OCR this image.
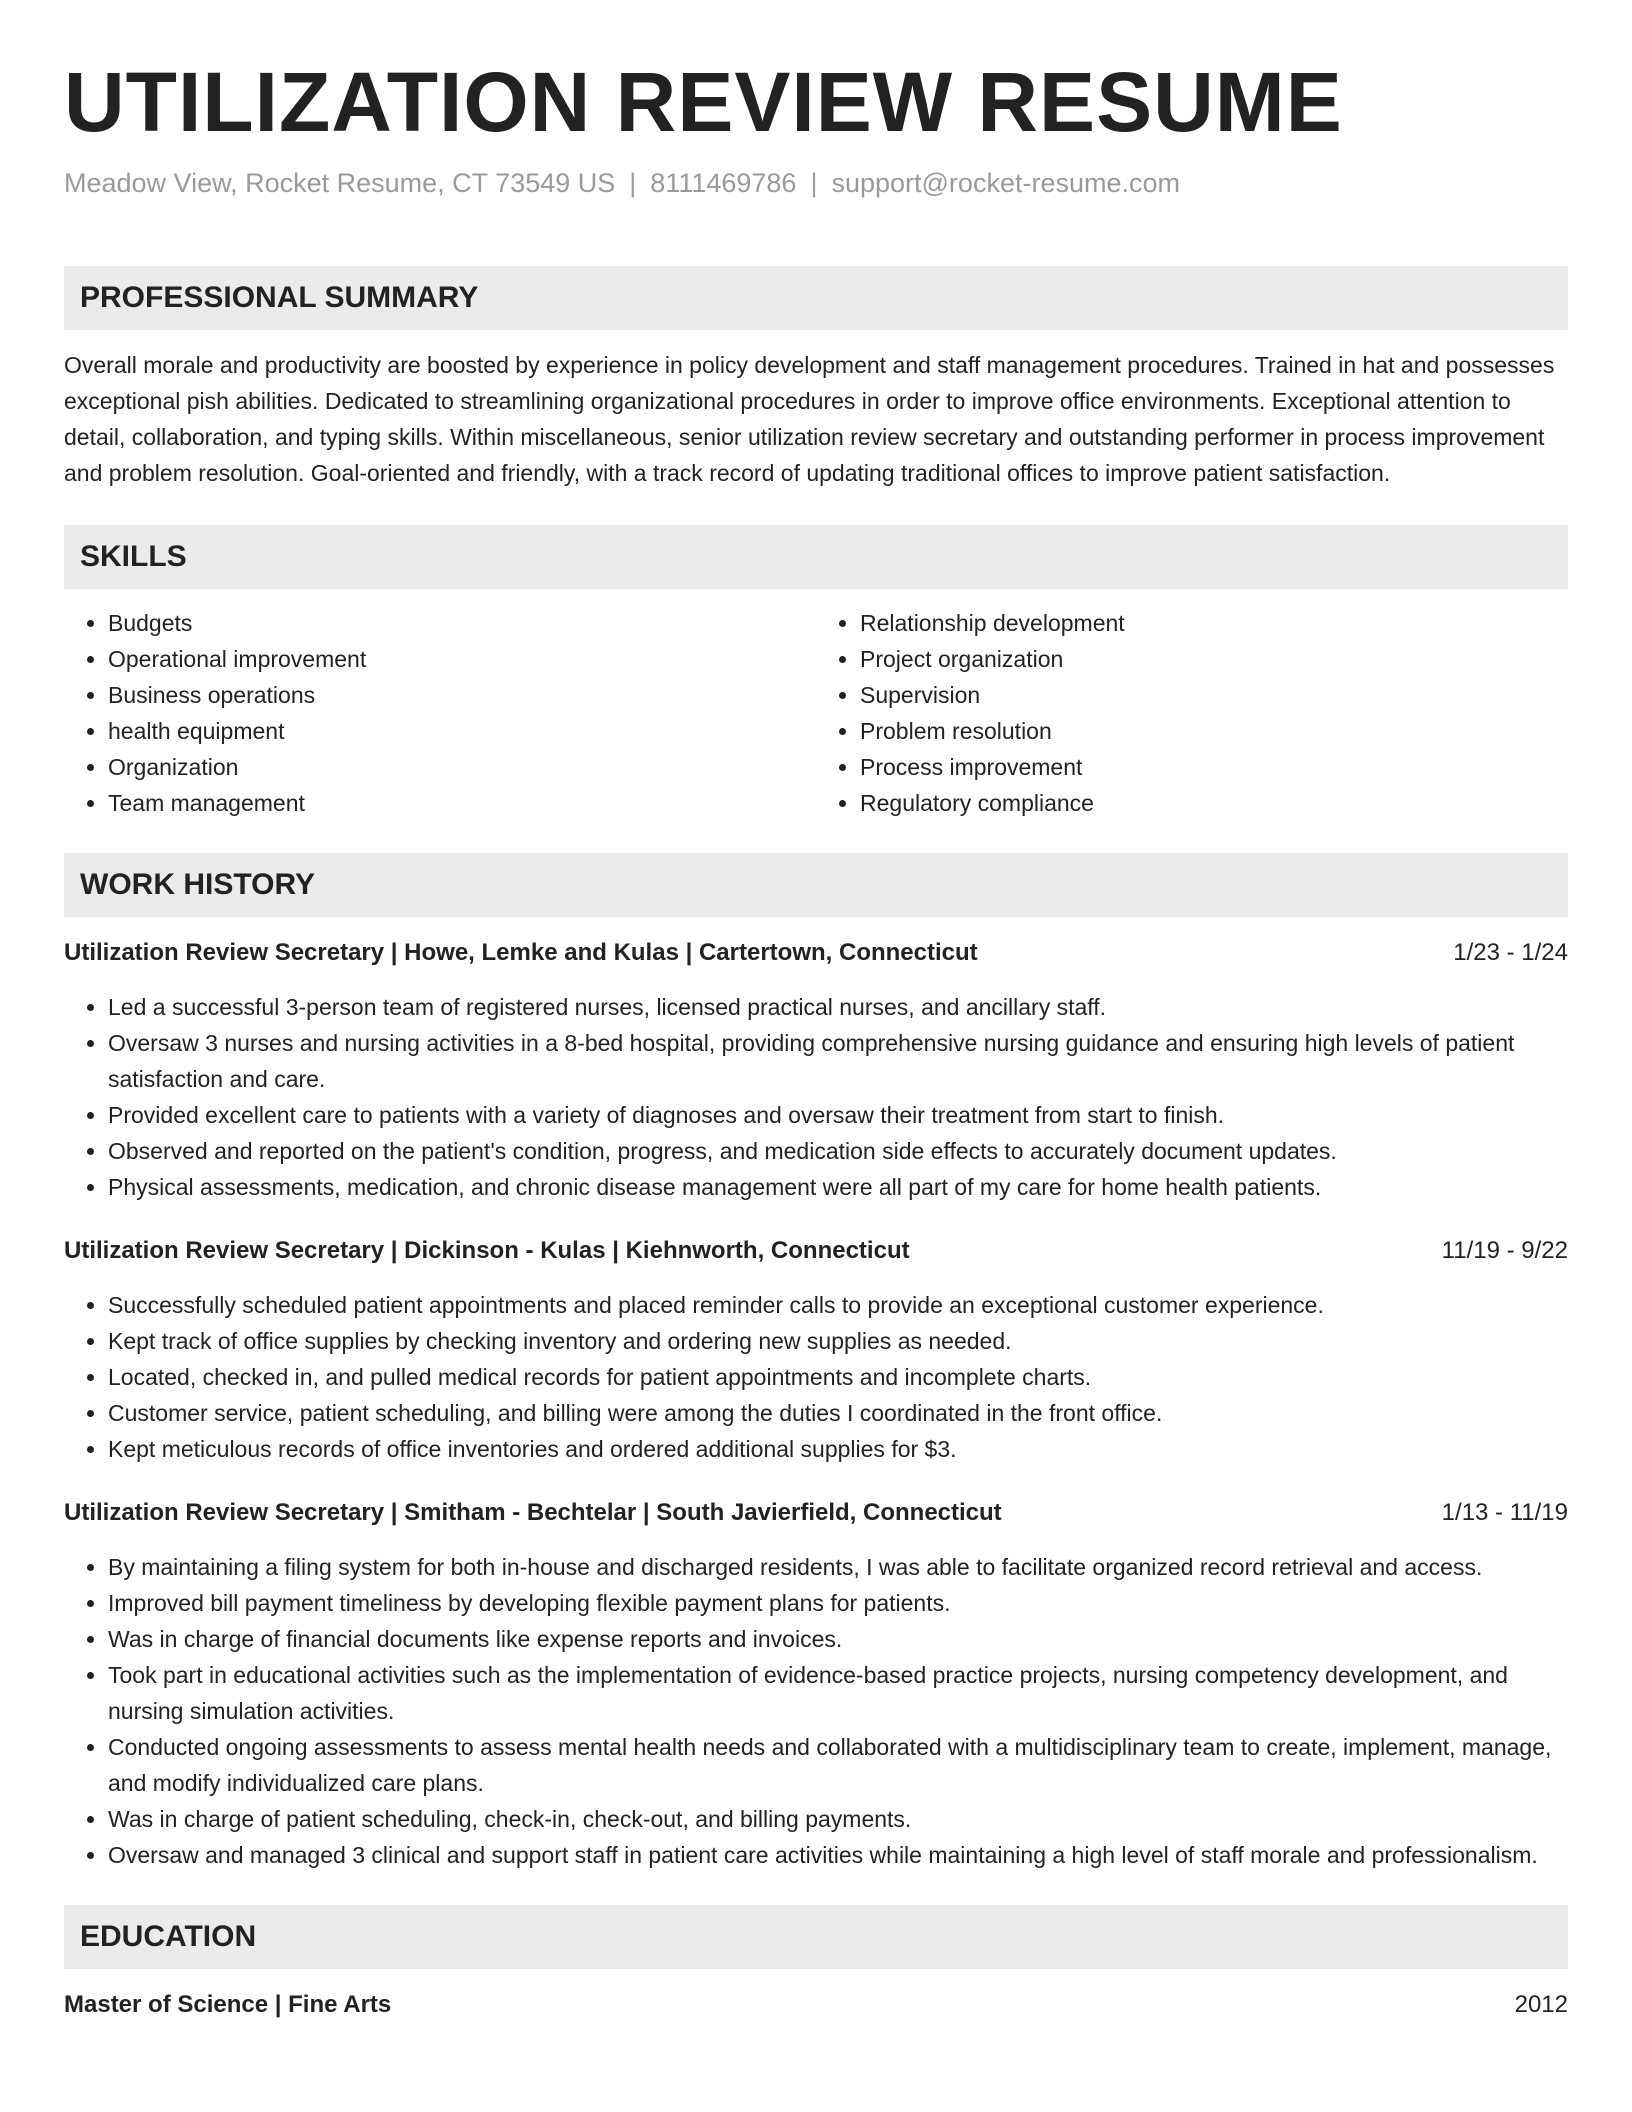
UTILIZATION REVIEW RESUME
Meadow View, Rocket Resume, CT 73549 US | 8111469786 | support@rocket-resume.com
PROFESSIONAL SUMMARY

Overall morale and productivity are boosted by experience in policy development and staff management procedures. Trained in hat and possesses exceptional pish abilities. Dedicated to streamlining organizational procedures in order to improve office environments. Exceptional attention to detail, collaboration, and typing skills. Within miscellaneous, senior utilization review secretary and outstanding performer in process improvement and problem resolution. Goal-oriented and friendly, with a track record of updating traditional offices to improve patient satisfaction.

SKILLS
• Budgets
• Operational improvement
• Business operations
• health equipment
• Organization
• Team management
• Relationship development
• Project organization
• Supervision
• Problem resolution
• Process improvement
• Regulatory compliance
WORK HISTORY
Utilization Review Secretary | Howe, Lemke and Kulas | Cartertown, Connecticut	1/23 - 1/24
• Led a successful 3-person team of registered nurses, licensed practical nurses, and ancillary staff.
• Oversaw 3 nurses and nursing activities in a 8-bed hospital, providing comprehensive nursing guidance and ensuring high levels of patient satisfaction and care.
• Provided excellent care to patients with a variety of diagnoses and oversaw their treatment from start to finish.
• Observed and reported on the patient's condition, progress, and medication side effects to accurately document updates.
• Physical assessments, medication, and chronic disease management were all part of my care for home health patients.
Utilization Review Secretary | Dickinson - Kulas | Kiehnworth, Connecticut	11/19 - 9/22
• Successfully scheduled patient appointments and placed reminder calls to provide an exceptional customer experience.
• Kept track of office supplies by checking inventory and ordering new supplies as needed.
• Located, checked in, and pulled medical records for patient appointments and incomplete charts.
• Customer service, patient scheduling, and billing were among the duties I coordinated in the front office.
• Kept meticulous records of office inventories and ordered additional supplies for $3.
Utilization Review Secretary | Smitham - Bechtelar | South Javierfield, Connecticut	1/13 - 11/19
• By maintaining a filing system for both in-house and discharged residents, I was able to facilitate organized record retrieval and access.
• Improved bill payment timeliness by developing flexible payment plans for patients.
• Was in charge of financial documents like expense reports and invoices.
• Took part in educational activities such as the implementation of evidence-based practice projects, nursing competency development, and nursing simulation activities.
• Conducted ongoing assessments to assess mental health needs and collaborated with a multidisciplinary team to create, implement, manage, and modify individualized care plans.
• Was in charge of patient scheduling, check-in, check-out, and billing payments.
• Oversaw and managed 3 clinical and support staff in patient care activities while maintaining a high level of staff morale and professionalism.
EDUCATION
Master of Science | Fine Arts	2012
